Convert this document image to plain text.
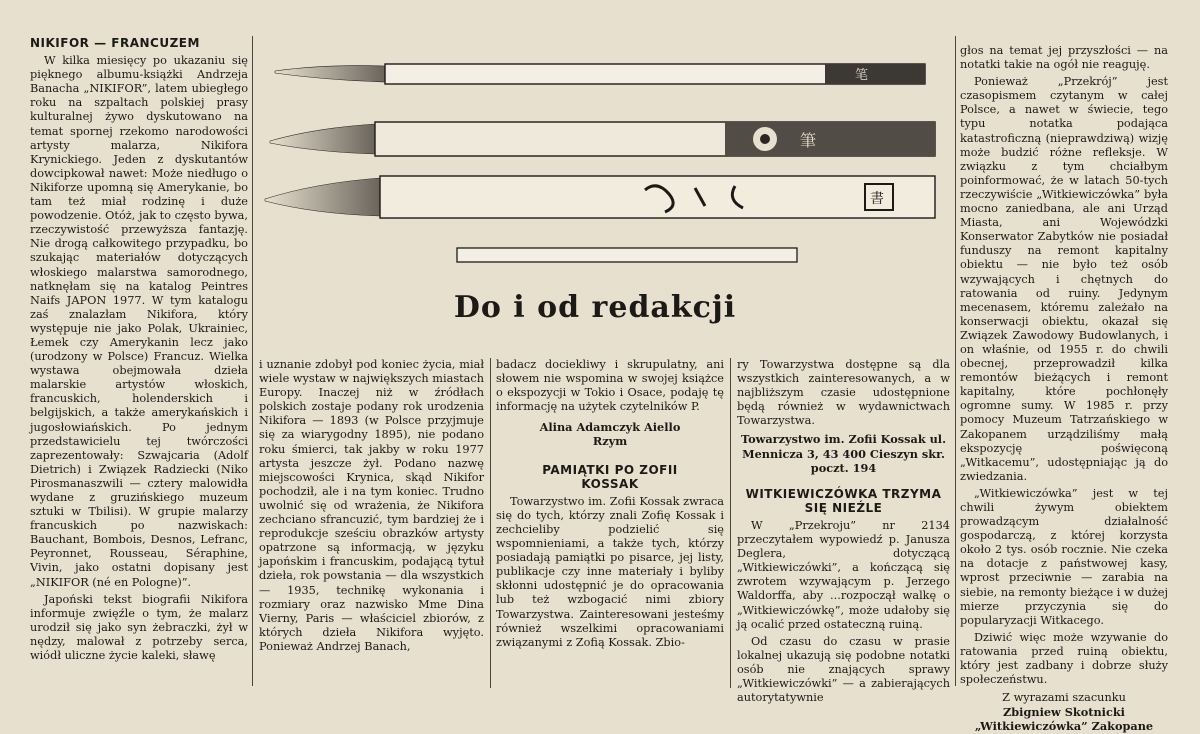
NIKIFOR — FRANCUZEM

W kilka miesięcy po ukazaniu się pięknego albumu-książki Andrzeja Banacha „NIKIFOR”, latem ubiegłego roku na szpaltach polskiej prasy kulturalnej żywo dyskutowano na temat spornej rzekomo narodowości artysty malarza, Nikifora Krynickiego. Jeden z dyskutantów dowcipkował nawet: Może niedługo o Nikiforze upomną się Amerykanie, bo tam też miał rodzinę i duże powodzenie. Otóż, jak to często bywa, rzeczywistość przewyższa fantazję. Nie drogą całkowitego przypadku, bo szukając materiałów dotyczących włoskiego malarstwa samorodnego, natknęłam się na katalog Peintres Naifs JAPON 1977. W tym katalogu zaś znalazłam Nikifora, który występuje nie jako Polak, Ukrainiec, Łemek czy Amerykanin lecz jako (urodzony w Polsce) Francuz. Wielka wystawa obejmowała dzieła malarskie artystów włoskich, francuskich, holenderskich i belgijskich, a także amerykańskich i jugosłowiańskich. Po jednym przedstawicielu tej twórczości zaprezentowały: Szwajcaria (Adolf Dietrich) i Związek Radziecki (Niko Pirosmanaszwili — cztery malowidła wydane z gruzińskiego muzeum sztuki w Tbilisi). W grupie malarzy francuskich po nazwiskach: Bauchant, Bombois, Desnos, Lefranc, Peyronnet, Rousseau, Séraphine, Vivin, jako ostatni dopisany jest „NIKIFOR (né en Pologne)”.

Japoński tekst biografii Nikifora informuje zwięźle o tym, że malarz urodził się jako syn żebraczki, żył w nędzy, malował z potrzeby serca, wiódł uliczne życie kaleki, sławę

笔
筆
書
Do i od redakcji

i uznanie zdobył pod koniec życia, miał wiele wystaw w największych miastach Europy. Inaczej niż w źródłach polskich zostaje podany rok urodzenia Nikifora — 1893 (w Polsce przyjmuje się za wiarygodny 1895), nie podano roku śmierci, tak jakby w roku 1977 artysta jeszcze żył. Podano nazwę miejscowości Krynica, skąd Nikifor pochodził, ale i na tym koniec. Trudno uwolnić się od wrażenia, że Nikifora zechciano sfrancuzić, tym bardziej że i reprodukcje sześciu obrazków artysty opatrzone są informacją, w języku japońskim i francuskim, podającą tytuł dzieła, rok powstania — dla wszystkich — 1935, technikę wykonania i rozmiary oraz nazwisko Mme Dina Vierny, Paris — właściciel zbiorów, z których dzieła Nikifora wyjęto. Ponieważ Andrzej Banach,

badacz dociekliwy i skrupulatny, ani słowem nie wspomina w swojej książce o ekspozycji w Tokio i Osace, podaję tę informację na użytek czytelników P.

Alina Adamczyk Aiello
Rzym
PAMIĄTKI PO ZOFII KOSSAK

Towarzystwo im. Zofii Kossak zwraca się do tych, którzy znali Zofię Kossak i zechcieliby podzielić się wspomnieniami, a także tych, którzy posiadają pamiątki po pisarce, jej listy, publikacje czy inne materiały i byliby skłonni udostępnić je do opracowania lub też wzbogacić nimi zbiory Towarzystwa. Zainteresowani jesteśmy również wszelkimi opracowaniami związanymi z Zofią Kossak. Zbio-

ry Towarzystwa dostępne są dla wszystkich zainteresowanych, a w najbliższym czasie udostępnione będą również w wydawnictwach Towarzystwa.

Towarzystwo im. Zofii Kossak ul. Mennicza 3, 43 400 Cieszyn skr. poczt. 194
WITKIEWICZÓWKA TRZYMA SIĘ NIEŹLE

W „Przekroju” nr 2134 przeczytałem wypowiedź p. Janusza Deglera, dotyczącą „Witkiewiczówki”, a kończącą się zwrotem wzywającym p. Jerzego Waldorffa, aby ...rozpoczął walkę o „Witkiewiczówkę”, może udałoby się ją ocalić przed ostateczną ruiną.

Od czasu do czasu w prasie lokalnej ukazują się podobne notatki osób nie znających sprawy „Witkiewiczówki” — a zabierających autorytatywnie

głos na temat jej przyszłości — na notatki takie na ogół nie reaguję.

Ponieważ „Przekrój” jest czasopismem czytanym w całej Polsce, a nawet w świecie, tego typu notatka podająca katastroficzną (nieprawdziwą) wizję może budzić różne refleksje. W związku z tym chciałbym poinformować, że w latach 50-tych rzeczywiście „Witkiewiczówka” była mocno zaniedbana, ale ani Urząd Miasta, ani Wojewódzki Konserwator Zabytków nie posiadał funduszy na remont kapitalny obiektu — nie było też osób wzywających i chętnych do ratowania od ruiny. Jedynym mecenasem, któremu zależało na konserwacji obiektu, okazał się Związek Zawodowy Budowlanych, i on właśnie, od 1955 r. do chwili obecnej, przeprowadził kilka remontów bieżących i remont kapitalny, które pochłonęły ogromne sumy. W 1985 r. przy pomocy Muzeum Tatrzańskiego w Zakopanem urządziliśmy małą ekspozycję poświęconą „Witkacemu”, udostępniając ją do zwiedzania.

„Witkiewiczówka” jest w tej chwili żywym obiektem prowadzącym działalność gospodarczą, z której korzysta około 2 tys. osób rocznie. Nie czeka na dotacje z państwowej kasy, wprost przeciwnie — zarabia na siebie, na remonty bieżące i w dużej mierze przyczynia się do popularyzacji Witkacego.

Dziwić więc może wzywanie do ratowania przed ruiną obiektu, który jest zadbany i dobrze służy społeczeństwu.

Z wyrazami szacunku
Zbigniew Skotnicki
„Witkiewiczówka” Zakopane
